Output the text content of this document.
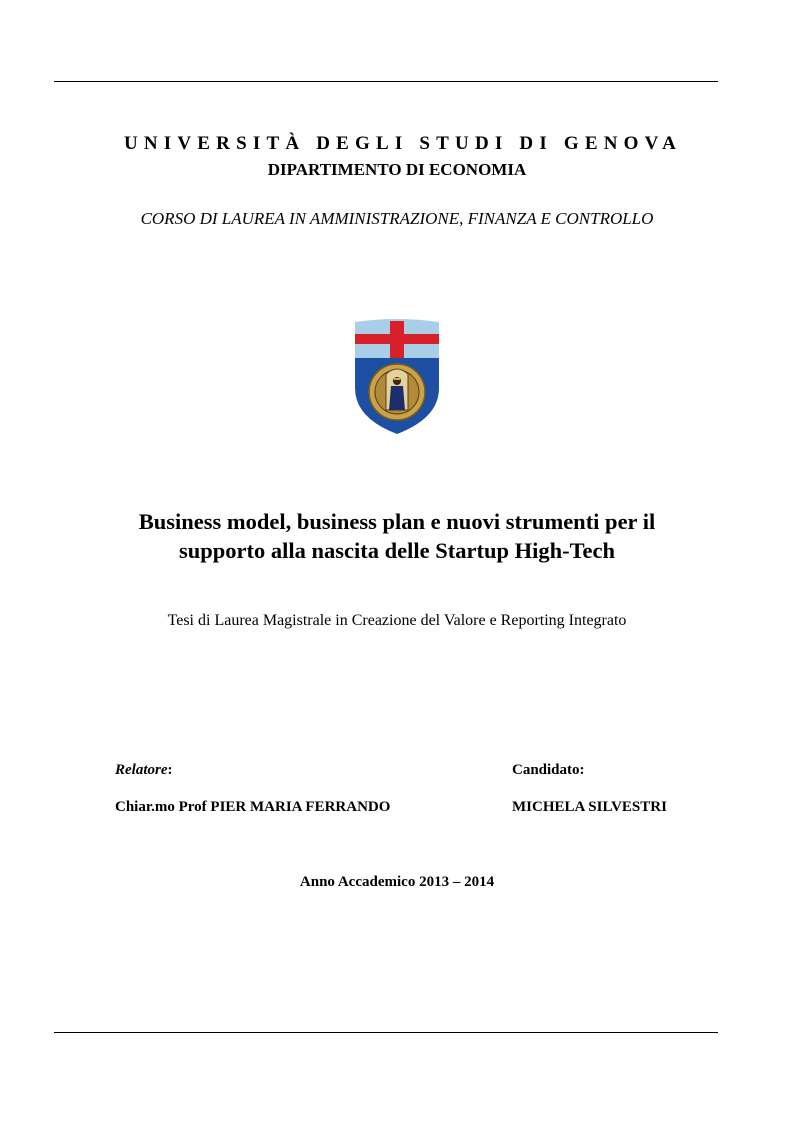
UNIVERSITÀ DEGLI STUDI DI GENOVA
DIPARTIMENTO DI ECONOMIA
CORSO DI LAUREA IN AMMINISTRAZIONE, FINANZA E CONTROLLO
Business model, business plan e nuovi strumenti per il
supporto alla nascita delle Startup High-Tech
Tesi di Laurea Magistrale in Creazione del Valore e Reporting Integrato
Relatore:	Candidato:
Chiar.mo Prof PIER MARIA FERRANDO	MICHELA SILVESTRI
Anno Accademico 2013 – 2014
